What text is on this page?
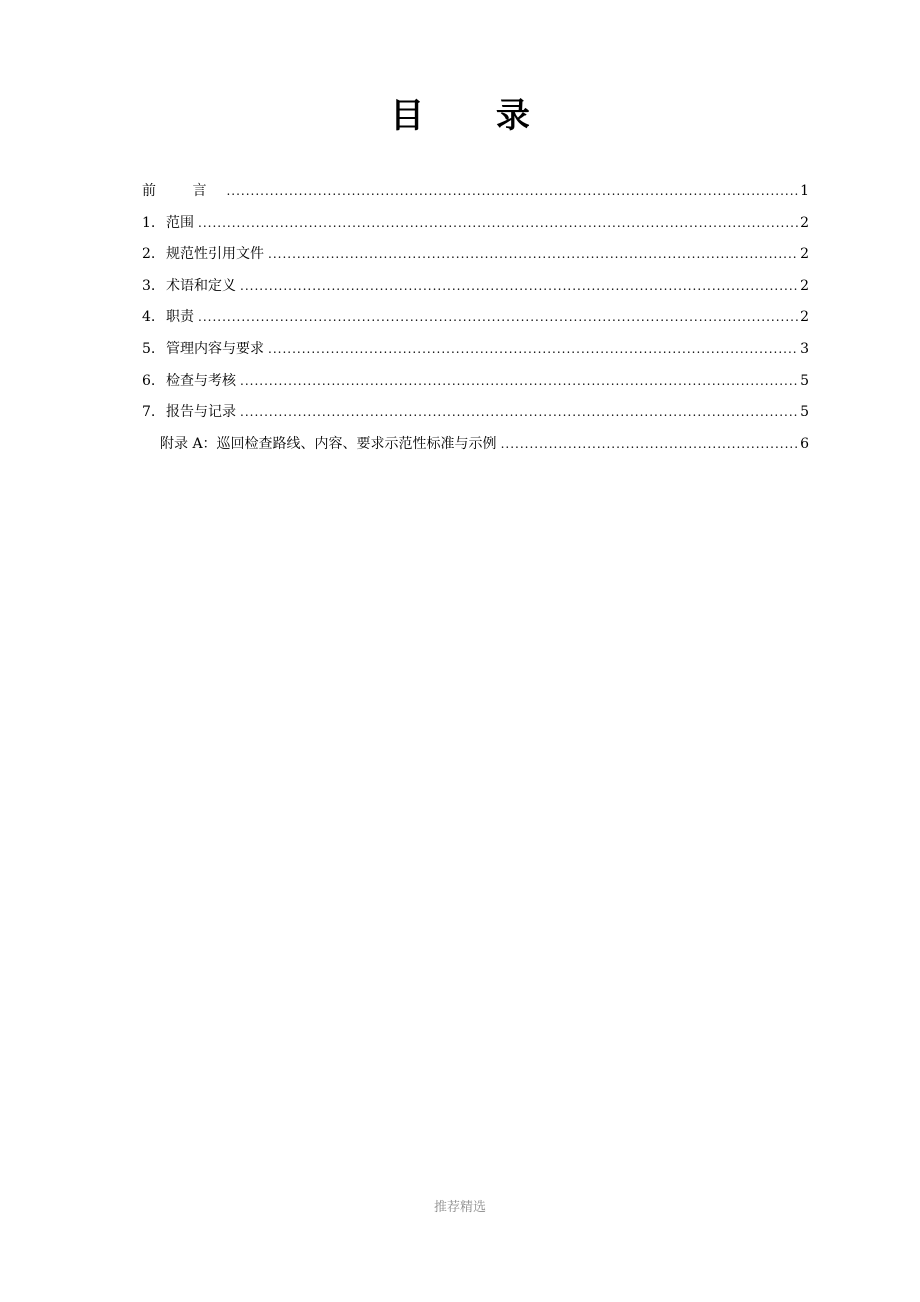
目 录
前 言 .....	1
1. 范围 .....	2
2. 规范性引用文件 .....	2
3. 术语和定义 .....	2
4. 职责 .....	2
5. 管理内容与要求 .....	3
6. 检查与考核 .....	5
7. 报告与记录 .....	5
附录 A：巡回检查路线、内容、要求示范性标准与示例 .....	6
推荐精选
